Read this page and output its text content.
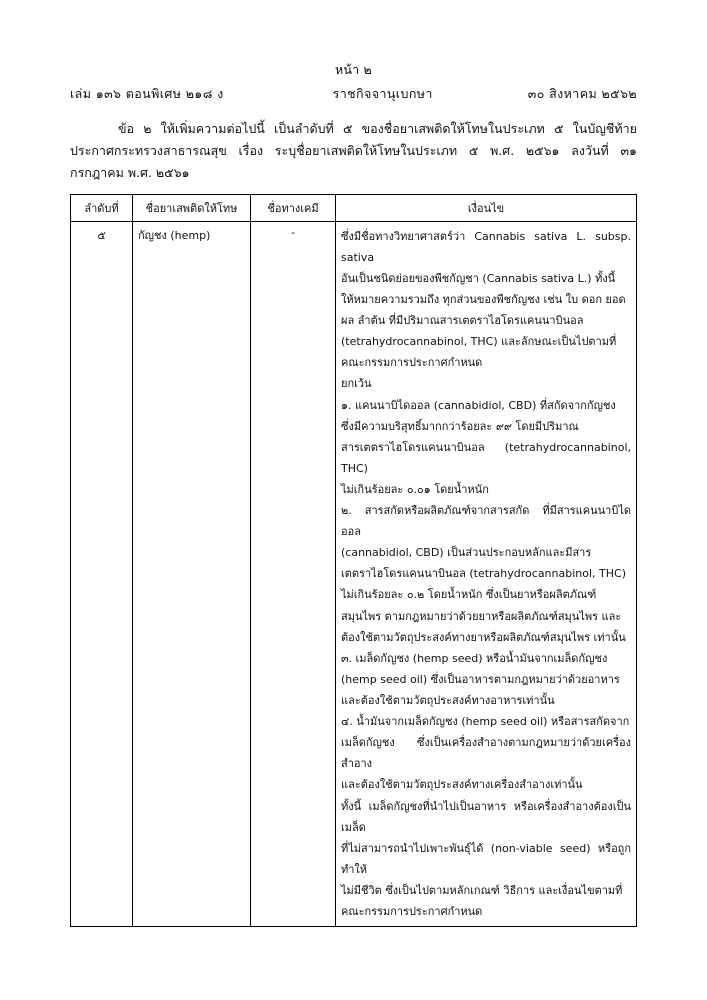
หน้า ๒
เล่ม ๑๓๖ ตอนพิเศษ ๒๑๘ ง	ราชกิจจานุเบกษา	๓๐ สิงหาคม ๒๕๖๒
ข้อ ๒ ให้เพิ่มความต่อไปนี้ เป็นลำดับที่ ๕ ของชื่อยาเสพติดให้โทษในประเภท ๕ ในบัญชีท้ายประกาศกระทรวงสาธารณสุข เรื่อง ระบุชื่อยาเสพติดให้โทษในประเภท ๕ พ.ศ. ๒๕๖๑ ลงวันที่ ๓๑ กรกฎาคม พ.ศ. ๒๕๖๑
ลำดับที่	ชื่อยาเสพติดให้โทษ	ชื่อทางเคมี	เงื่อนไข
๕	กัญชง (hemp)	-	ซึ่งมีชื่อทางวิทยาศาสตร์ว่า Cannabis sativa L. subsp. sativa
อันเป็นชนิดย่อยของพืชกัญชา (Cannabis sativa L.) ทั้งนี้
ให้หมายความรวมถึง ทุกส่วนของพืชกัญชง เช่น ใบ ดอก ยอด
ผล ลำต้น ที่มีปริมาณสารเตตราไฮโดรแคนนาบินอล
(tetrahydrocannabinol, THC) และลักษณะเป็นไปตามที่
คณะกรรมการประกาศกำหนด
ยกเว้น
๑. แคนนาบิไดออล (cannabidiol, CBD) ที่สกัดจากกัญชง
ซึ่งมีความบริสุทธิ์มากกว่าร้อยละ ๙๙ โดยมีปริมาณ
สารเตตราไฮโดรแคนนาบินอล (tetrahydrocannabinol, THC)
ไม่เกินร้อยละ ๐.๐๑ โดยน้ำหนัก
๒. สารสกัดหรือผลิตภัณฑ์จากสารสกัด ที่มีสารแคนนาบิไดออล
(cannabidiol, CBD) เป็นส่วนประกอบหลักและมีสาร
เตตราไฮโดรแคนนาบินอล (tetrahydrocannabinol, THC)
ไม่เกินร้อยละ ๐.๒ โดยน้ำหนัก ซึ่งเป็นยาหรือผลิตภัณฑ์
สมุนไพร ตามกฎหมายว่าด้วยยาหรือผลิตภัณฑ์สมุนไพร และ
ต้องใช้ตามวัตถุประสงค์ทางยาหรือผลิตภัณฑ์สมุนไพร เท่านั้น
๓. เมล็ดกัญชง (hemp seed) หรือน้ำมันจากเมล็ดกัญชง
(hemp seed oil) ซึ่งเป็นอาหารตามกฎหมายว่าด้วยอาหาร
และต้องใช้ตามวัตถุประสงค์ทางอาหารเท่านั้น
๔. น้ำมันจากเมล็ดกัญชง (hemp seed oil) หรือสารสกัดจาก
เมล็ดกัญชง ซึ่งเป็นเครื่องสำอางตามกฎหมายว่าด้วยเครื่องสำอาง
และต้องใช้ตามวัตถุประสงค์ทางเครื่องสำอางเท่านั้น
ทั้งนี้ เมล็ดกัญชงที่นำไปเป็นอาหาร หรือเครื่องสำอางต้องเป็นเมล็ด
ที่ไม่สามารถนำไปเพาะพันธุ์ได้ (non-viable seed) หรือถูกทำให้
ไม่มีชีวิต ซึ่งเป็นไปตามหลักเกณฑ์ วิธีการ และเงื่อนไขตามที่
คณะกรรมการประกาศกำหนด
